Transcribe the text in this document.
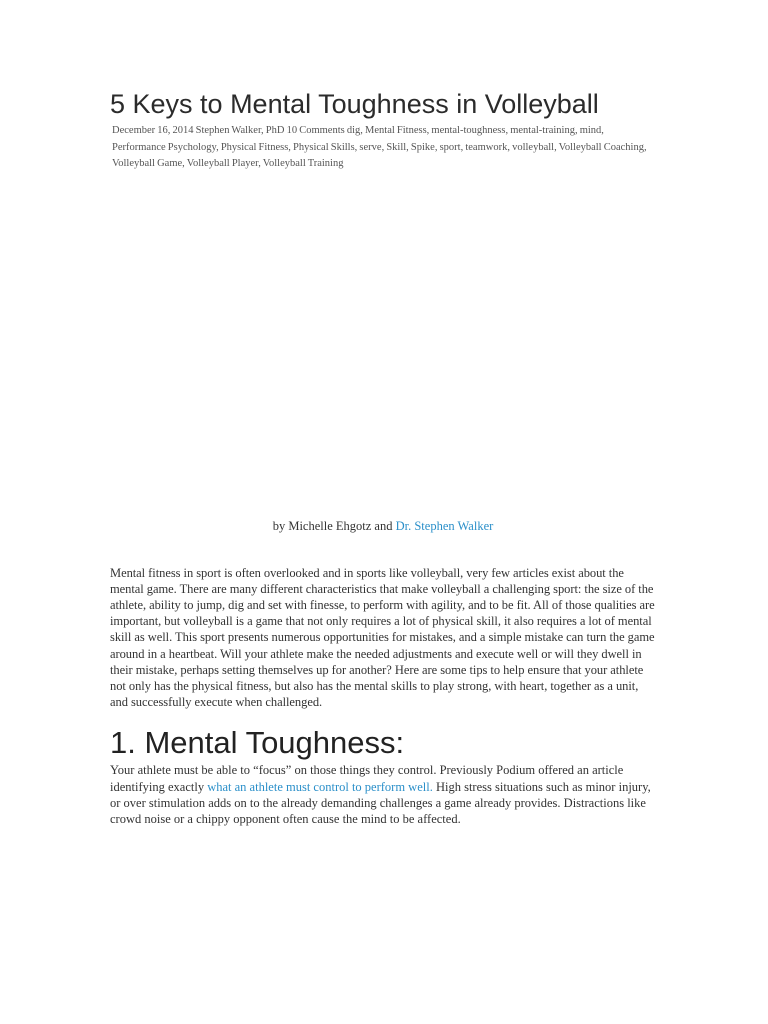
5 Keys to Mental Toughness in Volleyball
December 16, 2014 Stephen Walker, PhD 10 Comments dig, Mental Fitness, mental-toughness, mental-training, mind, Performance Psychology, Physical Fitness, Physical Skills, serve, Skill, Spike, sport, teamwork, volleyball, Volleyball Coaching, Volleyball Game, Volleyball Player, Volleyball Training
by Michelle Ehgotz and Dr. Stephen Walker

Mental fitness in sport is often overlooked and in sports like volleyball, very few articles exist about the mental game. There are many different characteristics that make volleyball a challenging sport: the size of the athlete, ability to jump, dig and set with finesse, to perform with agility, and to be fit. All of those qualities are important, but volleyball is a game that not only requires a lot of physical skill, it also requires a lot of mental skill as well. This sport presents numerous opportunities for mistakes, and a simple mistake can turn the game around in a heartbeat. Will your athlete make the needed adjustments and execute well or will they dwell in their mistake, perhaps setting themselves up for another? Here are some tips to help ensure that your athlete not only has the physical fitness, but also has the mental skills to play strong, with heart, together as a unit, and successfully execute when challenged.

1. Mental Toughness:

Your athlete must be able to “focus” on those things they control. Previously Podium offered an article identifying exactly what an athlete must control to perform well. High stress situations such as minor injury, or over stimulation adds on to the already demanding challenges a game already provides. Distractions like crowd noise or a chippy opponent often cause the mind to be affected.
